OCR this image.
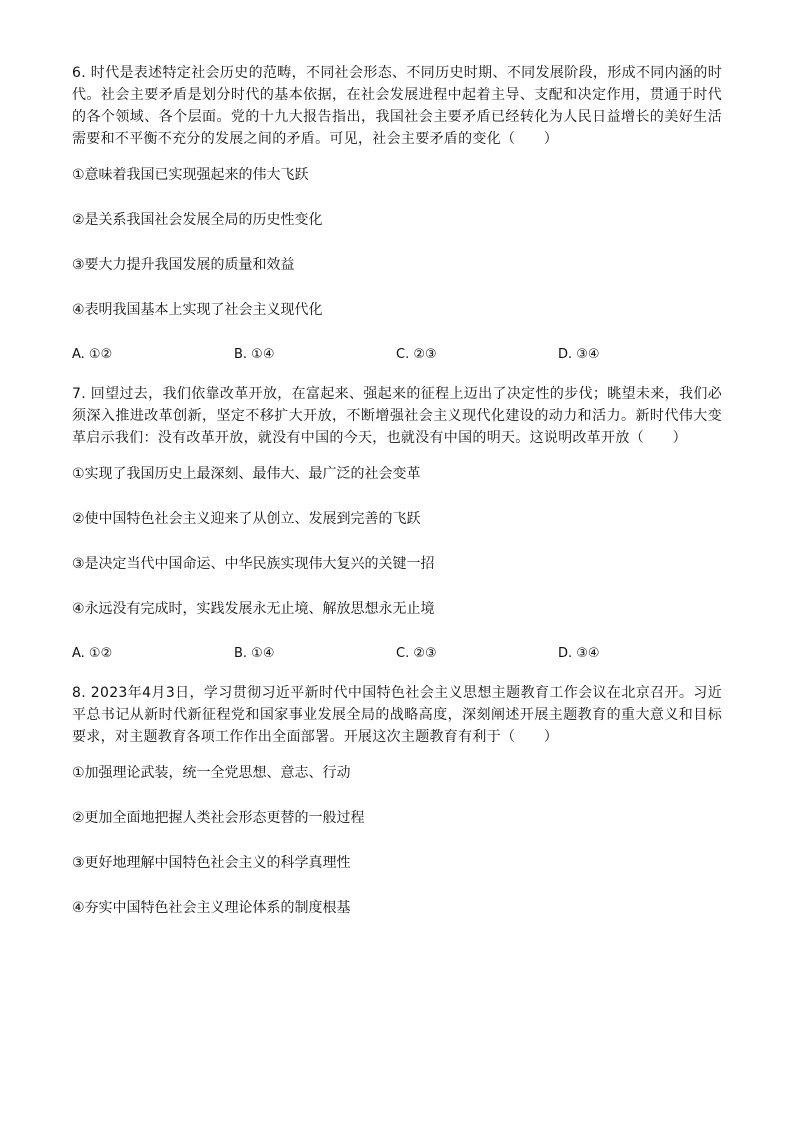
6. 时代是表述特定社会历史的范畴，不同社会形态、不同历史时期、不同发展阶段，形成不同内涵的时代。社会主要矛盾是划分时代的基本依据，在社会发展进程中起着主导、支配和决定作用，贯通于时代的各个领域、各个层面。党的十九大报告指出，我国社会主要矛盾已经转化为人民日益增长的美好生活需要和不平衡不充分的发展之间的矛盾。可见，社会主要矛盾的变化（　　）

①意味着我国已实现强起来的伟大飞跃

②是关系我国社会发展全局的历史性变化

③要大力提升我国发展的质量和效益

④表明我国基本上实现了社会主义现代化

A. ①②	B. ①④	C. ②③	D. ③④

7. 回望过去，我们依靠改革开放，在富起来、强起来的征程上迈出了决定性的步伐；眺望未来，我们必须深入推进改革创新，坚定不移扩大开放，不断增强社会主义现代化建设的动力和活力。新时代伟大变革启示我们：没有改革开放，就没有中国的今天，也就没有中国的明天。这说明改革开放（　　）

①实现了我国历史上最深刻、最伟大、最广泛的社会变革

②使中国特色社会主义迎来了从创立、发展到完善的飞跃

③是决定当代中国命运、中华民族实现伟大复兴的关键一招

④永远没有完成时，实践发展永无止境、解放思想永无止境

A. ①②	B. ①④	C. ②③	D. ③④

8. 2023年4月3日，学习贯彻习近平新时代中国特色社会主义思想主题教育工作会议在北京召开。习近平总书记从新时代新征程党和国家事业发展全局的战略高度，深刻阐述开展主题教育的重大意义和目标要求，对主题教育各项工作作出全面部署。开展这次主题教育有利于（　　）

①加强理论武装，统一全党思想、意志、行动

②更加全面地把握人类社会形态更替的一般过程

③更好地理解中国特色社会主义的科学真理性

④夯实中国特色社会主义理论体系的制度根基
